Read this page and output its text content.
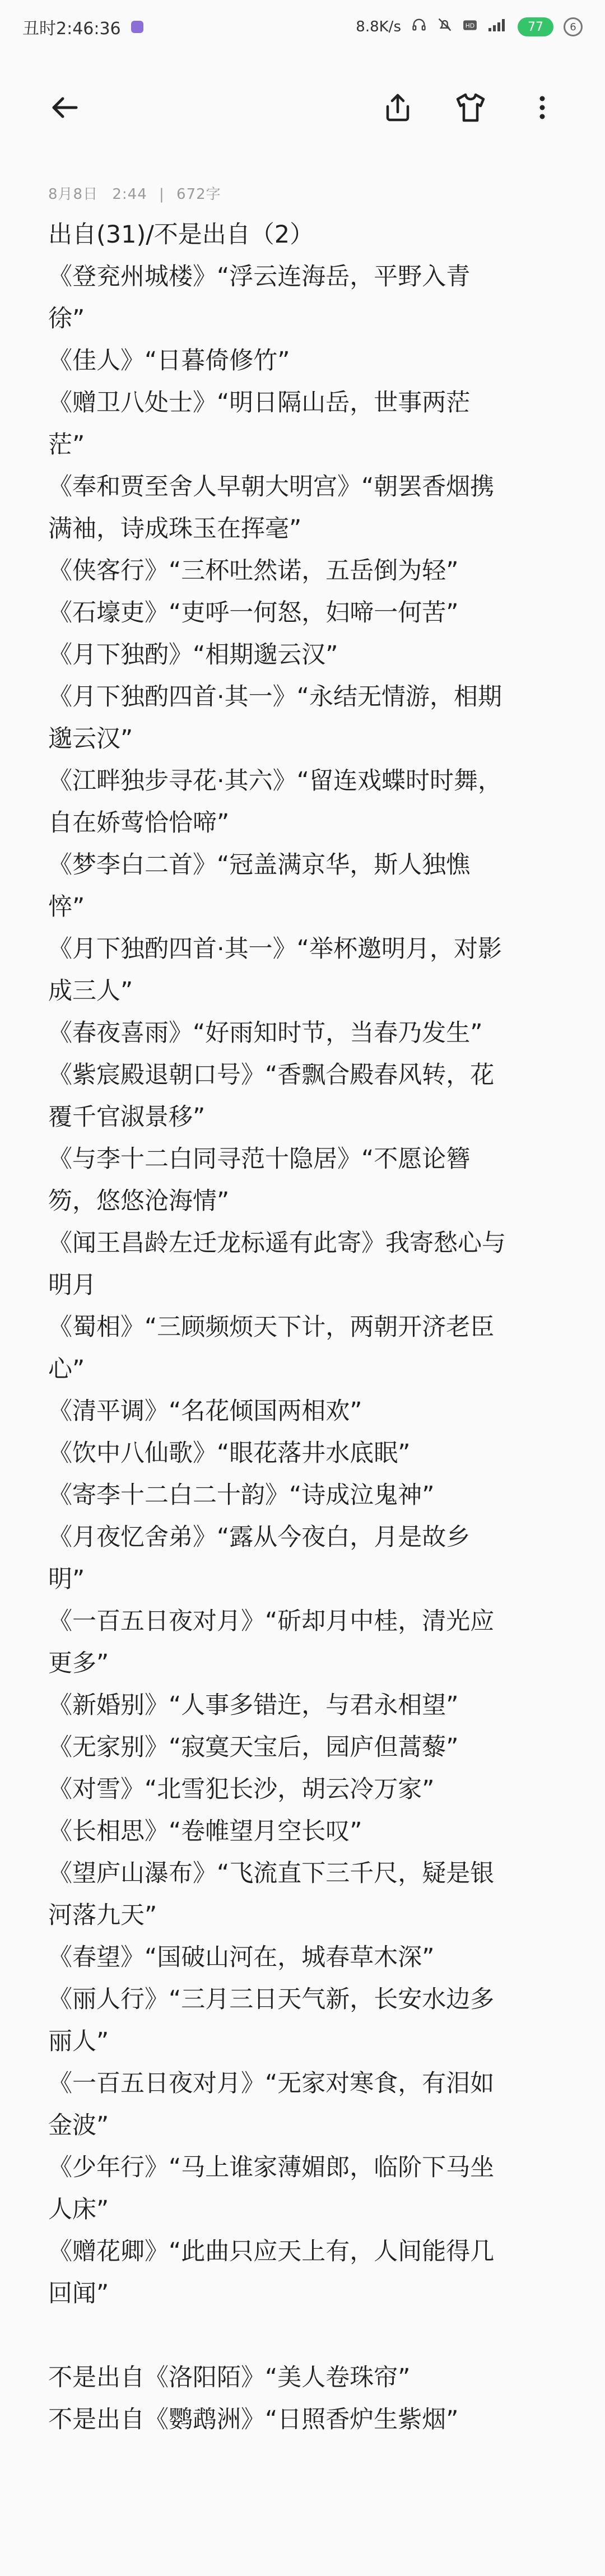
丑时2:46:36	8.8K/s	HD	77	6
8月8日 2:44 | 672字

出自(31)/不是出自（2）

《登兖州城楼》“浮云连海岳，平野入青

徐”

《佳人》“日暮倚修竹”

《赠卫八处士》“明日隔山岳，世事两茫

茫”

《奉和贾至舍人早朝大明宫》“朝罢香烟携

满袖，诗成珠玉在挥毫”

《侠客行》“三杯吐然诺，五岳倒为轻”

《石壕吏》“吏呼一何怒，妇啼一何苦”

《月下独酌》“相期邈云汉”

《月下独酌四首·其一》“永结无情游，相期

邈云汉”

《江畔独步寻花·其六》“留连戏蝶时时舞，

自在娇莺恰恰啼”

《梦李白二首》“冠盖满京华，斯人独憔

悴”

《月下独酌四首·其一》“举杯邀明月，对影

成三人”

《春夜喜雨》“好雨知时节，当春乃发生”

《紫宸殿退朝口号》“香飘合殿春风转，花

覆千官淑景移”

《与李十二白同寻范十隐居》“不愿论簪

笏，悠悠沧海情”

《闻王昌龄左迁龙标遥有此寄》我寄愁心与

明月

《蜀相》“三顾频烦天下计，两朝开济老臣

心”

《清平调》“名花倾国两相欢”

《饮中八仙歌》“眼花落井水底眠”

《寄李十二白二十韵》“诗成泣鬼神”

《月夜忆舍弟》“露从今夜白，月是故乡

明”

《一百五日夜对月》“斫却月中桂，清光应

更多”

《新婚别》“人事多错迕，与君永相望”

《无家别》“寂寞天宝后，园庐但蒿藜”

《对雪》“北雪犯长沙，胡云冷万家”

《长相思》“卷帷望月空长叹”

《望庐山瀑布》“飞流直下三千尺，疑是银

河落九天”

《春望》“国破山河在，城春草木深”

《丽人行》“三月三日天气新，长安水边多

丽人”

《一百五日夜对月》“无家对寒食，有泪如

金波”

《少年行》“马上谁家薄媚郎，临阶下马坐

人床”

《赠花卿》“此曲只应天上有，人间能得几

回闻”

不是出自《洛阳陌》“美人卷珠帘”

不是出自《鹦鹉洲》“日照香炉生紫烟”
